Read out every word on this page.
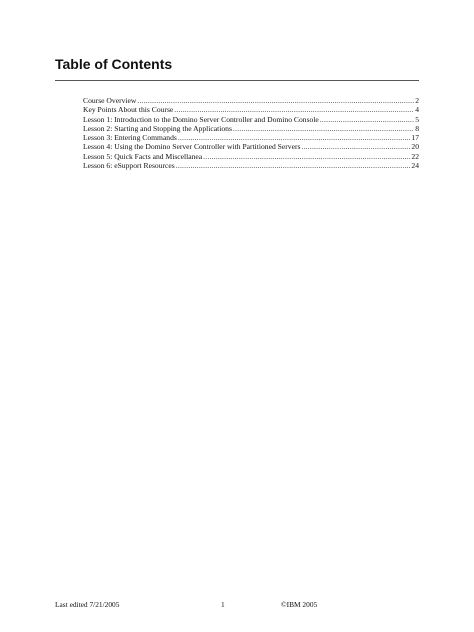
Table of Contents
Course Overview .....	2
Key Points About this Course .....	4
Lesson 1: Introduction to the Domino Server Controller and Domino Console .....	5
Lesson 2: Starting and Stopping the Applications .....	8
Lesson 3: Entering Commands .....	17
Lesson 4: Using the Domino Server Controller with Partitioned Servers .....	20
Lesson 5: Quick Facts and Miscellanea .....	22
Lesson 6: eSupport Resources .....	24
Last edited 7/21/2005	1	©IBM 2005
